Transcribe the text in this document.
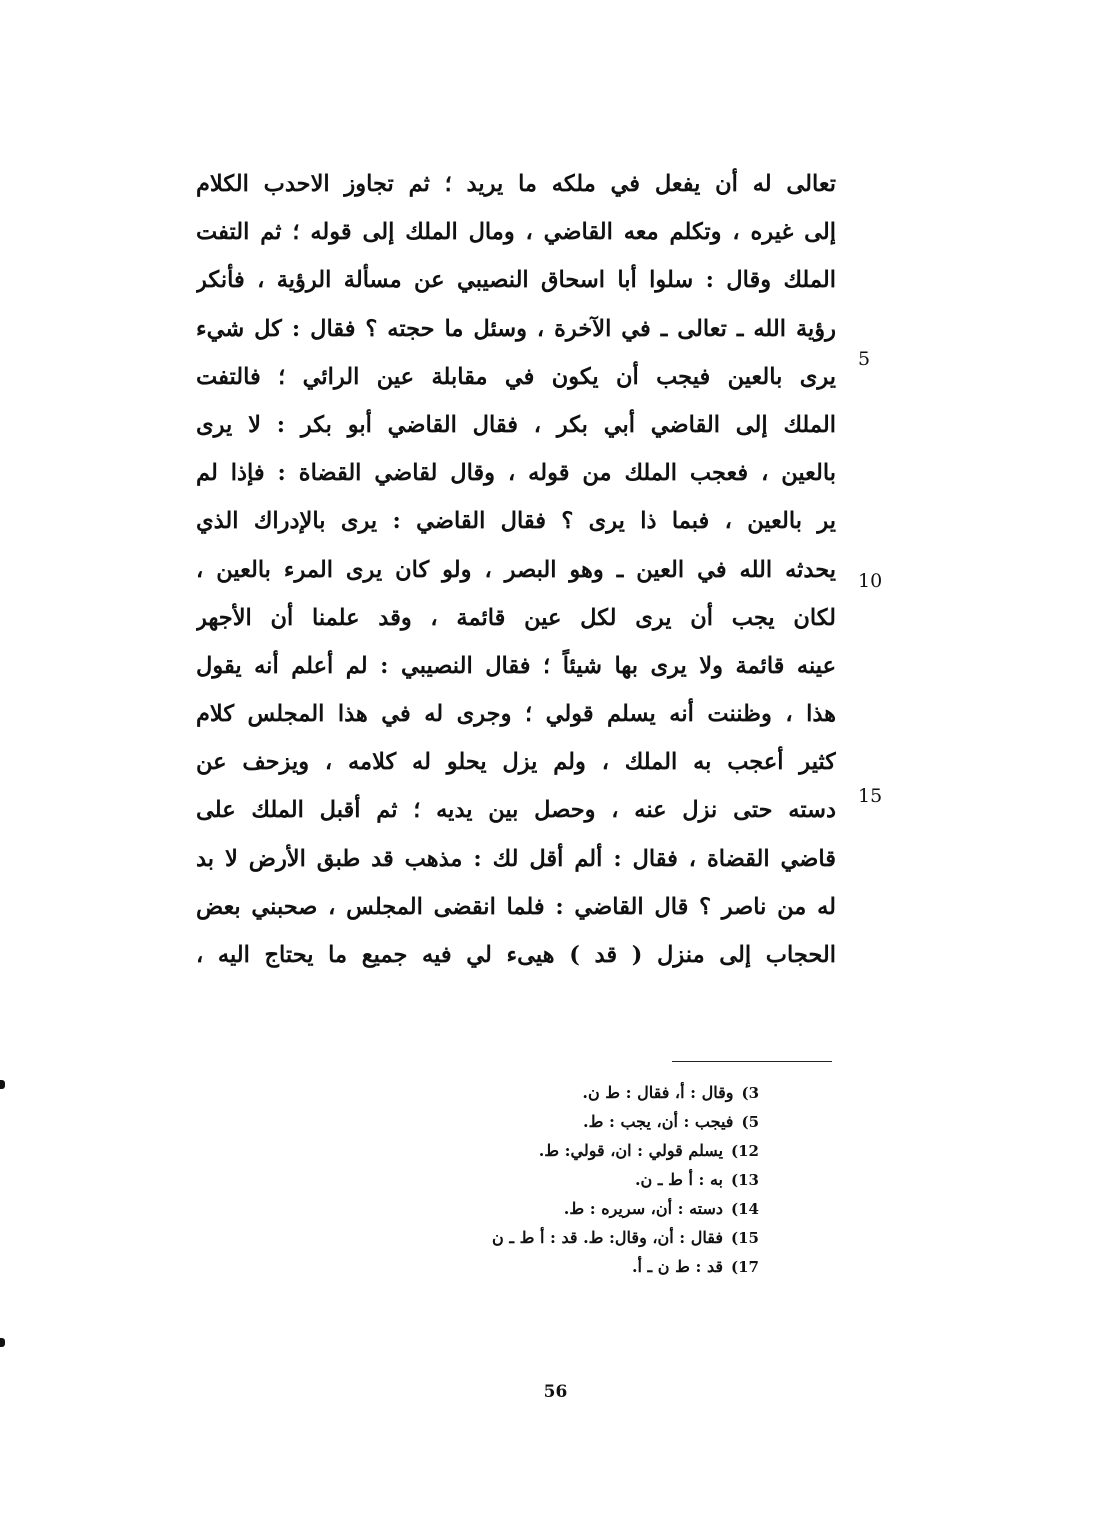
تعالى له أن يفعل في ملكه ما يريد ؛ ثم تجاوز الاحدب الكلام
إلى غيره ، وتكلم معه القاضي ، ومال الملك إلى قوله ؛ ثم التفت
الملك وقال : سلوا أبا اسحاق النصيبي عن مسألة الرؤية ، فأنكر
رؤية الله ـ تعالى ـ في الآخرة ، وسئل ما حجته ؟ فقال : كل شيء
يرى بالعين فيجب أن يكون في مقابلة عين الرائي ؛ فالتفت
الملك إلى القاضي أبي بكر ، فقال القاضي أبو بكر : لا يرى
بالعين ، فعجب الملك من قوله ، وقال لقاضي القضاة : فإذا لم
ير بالعين ، فبما ذا يرى ؟ فقال القاضي : يرى بالإدراك الذي
يحدثه الله في العين ـ وهو البصر ، ولو كان يرى المرء بالعين ،
لكان يجب أن يرى لكل عين قائمة ، وقد علمنا أن الأجهر
عينه قائمة ولا يرى بها شيئاً ؛ فقال النصيبي : لم أعلم أنه يقول
هذا ، وظننت أنه يسلم قولي ؛ وجرى له في هذا المجلس كلام
كثير أعجب به الملك ، ولم يزل يحلو له كلامه ، ويزحف عن
دسته حتى نزل عنه ، وحصل بين يديه ؛ ثم أقبل الملك على
قاضي القضاة ، فقال : ألم أقل لك : مذهب قد طبق الأرض لا بد
له من ناصر ؟ قال القاضي : فلما انقضى المجلس ، صحبني بعض
الحجاب إلى منزل ( قد ) هيىء لي فيه جميع ما يحتاج اليه ،
5
10
15
3)وقال : أ، فقال : ط ن.
5)فيجب : أن، يجب : ط.
12)يسلم قولي : ان، قولي: ط.
13)به : أ ط ـ ن.
14)دسته : أن، سريره : ط.
15)فقال : أن، وقال: ط. قد : أ ط ـ ن
17)قد : ط ن ـ أ.
56
